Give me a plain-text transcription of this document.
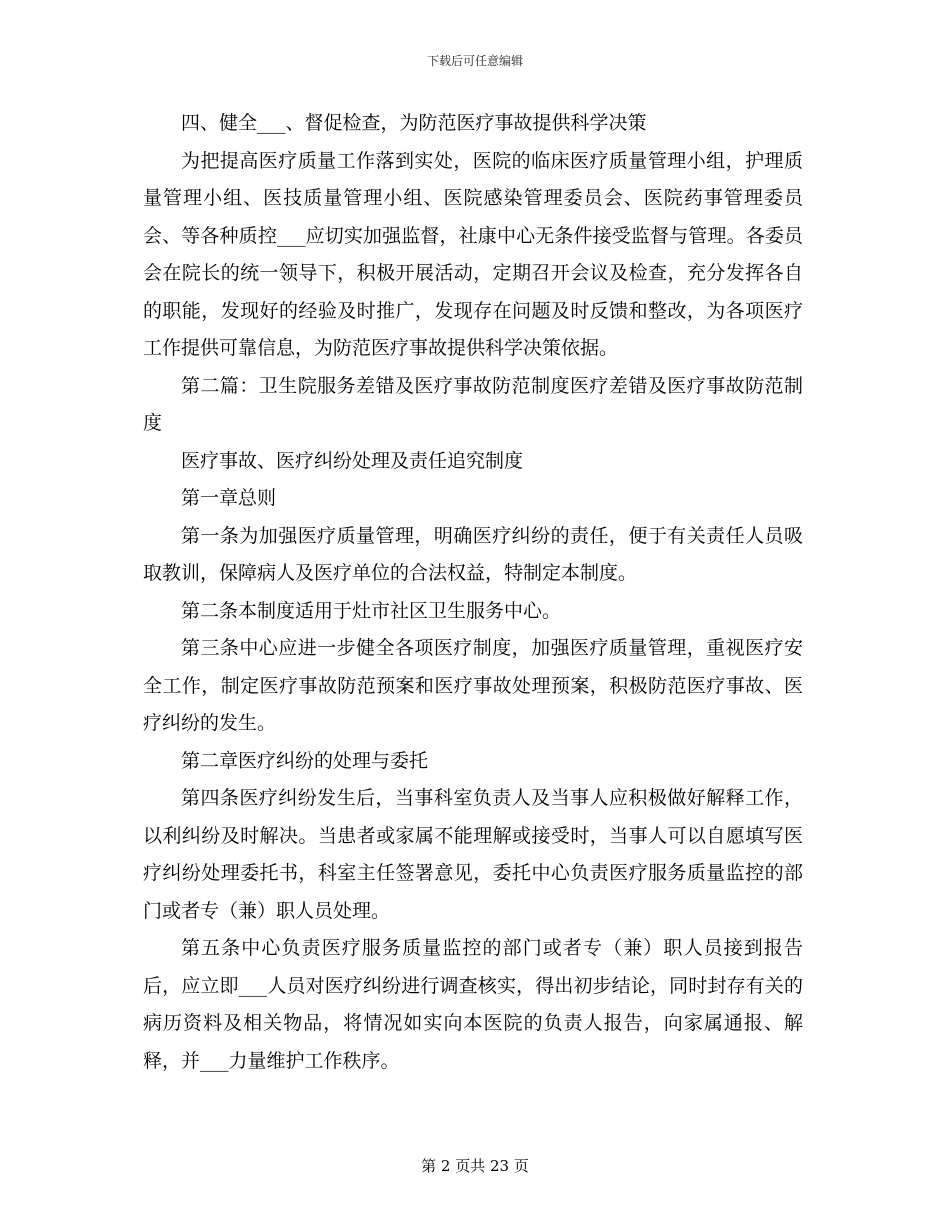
下载后可任意编辑

四、健全___、督促检查，为防范医疗事故提供科学决策

为把提高医疗质量工作落到实处，医院的临床医疗质量管理小组，护理质量管理小组、医技质量管理小组、医院感染管理委员会、医院药事管理委员会、等各种质控___应切实加强监督，社康中心无条件接受监督与管理。各委员会在院长的统一领导下，积极开展活动，定期召开会议及检查，充分发挥各自的职能，发现好的经验及时推广，发现存在问题及时反馈和整改，为各项医疗工作提供可靠信息，为防范医疗事故提供科学决策依据。

第二篇：卫生院服务差错及医疗事故防范制度医疗差错及医疗事故防范制度

医疗事故、医疗纠纷处理及责任追究制度

第一章总则

第一条为加强医疗质量管理，明确医疗纠纷的责任，便于有关责任人员吸取教训，保障病人及医疗单位的合法权益，特制定本制度。

第二条本制度适用于灶市社区卫生服务中心。

第三条中心应进一步健全各项医疗制度，加强医疗质量管理，重视医疗安全工作，制定医疗事故防范预案和医疗事故处理预案，积极防范医疗事故、医疗纠纷的发生。

第二章医疗纠纷的处理与委托

第四条医疗纠纷发生后，当事科室负责人及当事人应积极做好解释工作，以利纠纷及时解决。当患者或家属不能理解或接受时，当事人可以自愿填写医疗纠纷处理委托书，科室主任签署意见，委托中心负责医疗服务质量监控的部门或者专（兼）职人员处理。

第五条中心负责医疗服务质量监控的部门或者专（兼）职人员接到报告后，应立即___人员对医疗纠纷进行调查核实，得出初步结论，同时封存有关的病历资料及相关物品，将情况如实向本医院的负责人报告，向家属通报、解释，并___力量维护工作秩序。

第 2 页共 23 页
